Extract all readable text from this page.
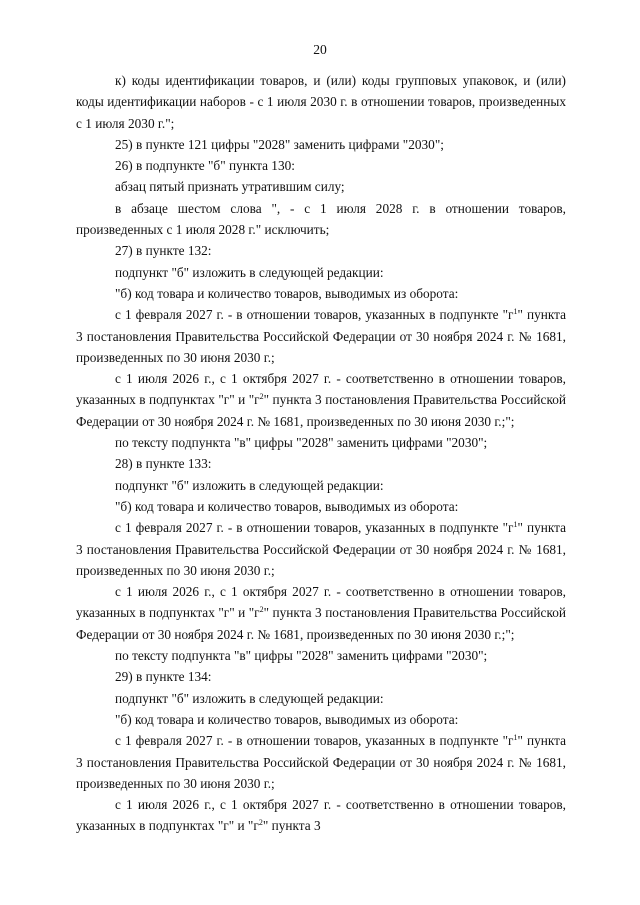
20

к) коды идентификации товаров, и (или) коды групповых упаковок, и (или) коды идентификации наборов - с 1 июля 2030 г. в отношении товаров, произведенных с 1 июля 2030 г.";

25) в пункте 121 цифры "2028" заменить цифрами "2030";

26) в подпункте "б" пункта 130:

абзац пятый признать утратившим силу;

в абзаце шестом слова ", - с 1 июля 2028 г. в отношении товаров, произведенных с 1 июля 2028 г." исключить;

27) в пункте 132:

подпункт "б" изложить в следующей редакции:

"б) код товара и количество товаров, выводимых из оборота:

с 1 февраля 2027 г. - в отношении товаров, указанных в подпункте "$г^1$" пункта 3 постановления Правительства Российской Федерации от 30 ноября 2024 г. № 1681, произведенных по 30 июня 2030 г.;

с 1 июля 2026 г., с 1 октября 2027 г. - соответственно в отношении товаров, указанных в подпунктах "г" и "$г^2$" пункта 3 постановления Правительства Российской Федерации от 30 ноября 2024 г. № 1681, произведенных по 30 июня 2030 г.;";

по тексту подпункта "в" цифры "2028" заменить цифрами "2030";

28) в пункте 133:

подпункт "б" изложить в следующей редакции:

"б) код товара и количество товаров, выводимых из оборота:

с 1 февраля 2027 г. - в отношении товаров, указанных в подпункте "$г^1$" пункта 3 постановления Правительства Российской Федерации от 30 ноября 2024 г. № 1681, произведенных по 30 июня 2030 г.;

с 1 июля 2026 г., с 1 октября 2027 г. - соответственно в отношении товаров, указанных в подпунктах "г" и "$г^2$" пункта 3 постановления Правительства Российской Федерации от 30 ноября 2024 г. № 1681, произведенных по 30 июня 2030 г.;";

по тексту подпункта "в" цифры "2028" заменить цифрами "2030";

29) в пункте 134:

подпункт "б" изложить в следующей редакции:

"б) код товара и количество товаров, выводимых из оборота:

с 1 февраля 2027 г. - в отношении товаров, указанных в подпункте "$г^1$" пункта 3 постановления Правительства Российской Федерации от 30 ноября 2024 г. № 1681, произведенных по 30 июня 2030 г.;

с 1 июля 2026 г., с 1 октября 2027 г. - соответственно в отношении товаров, указанных в подпунктах "г" и "$г^2$" пункта 3
